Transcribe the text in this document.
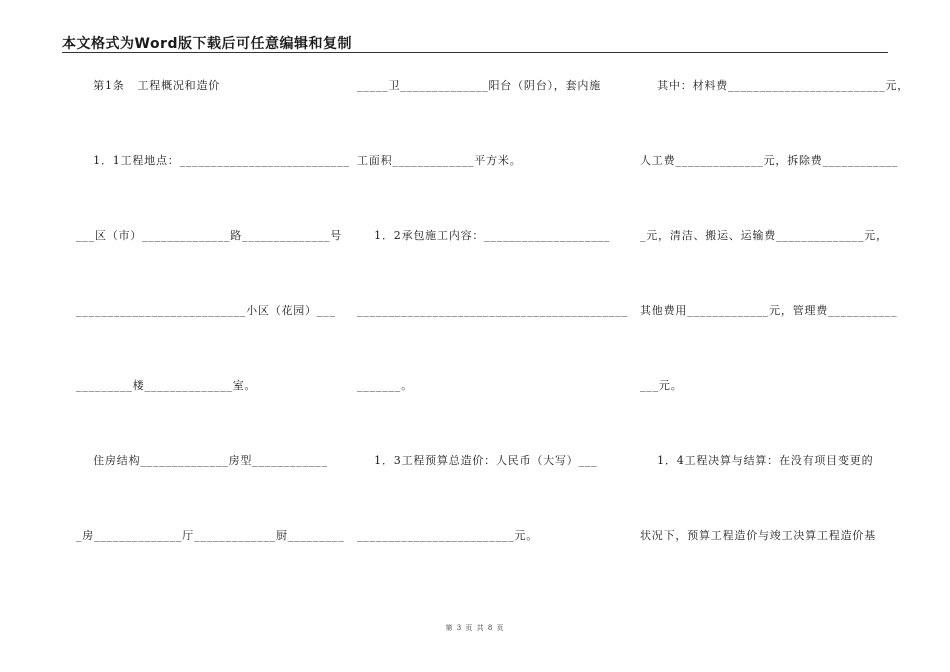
本文格式为Word版下载后可任意编辑和复制
第1条   工程概况和造价
1．1工程地点：___________________________
___区（市）______________路______________号
___________________________小区（花园）___
_________楼______________室。
住房结构______________房型____________
_房______________厅_____________厨_________
_____卫______________阳台（阴台），套内施
工面积_____________平方米。
1．2承包施工内容：____________________
___________________________________________
_______。
1．3工程预算总造价：人民币（大写）___
_________________________元。
其中：材料费_________________________元，
人工费______________元，拆除费____________
_元，清洁、搬运、运输费______________元，
其他费用_____________元，管理费___________
___元。
1．4工程决算与结算：在没有项目变更的
状况下，预算工程造价与竣工决算工程造价基
第 3 页 共 8 页
